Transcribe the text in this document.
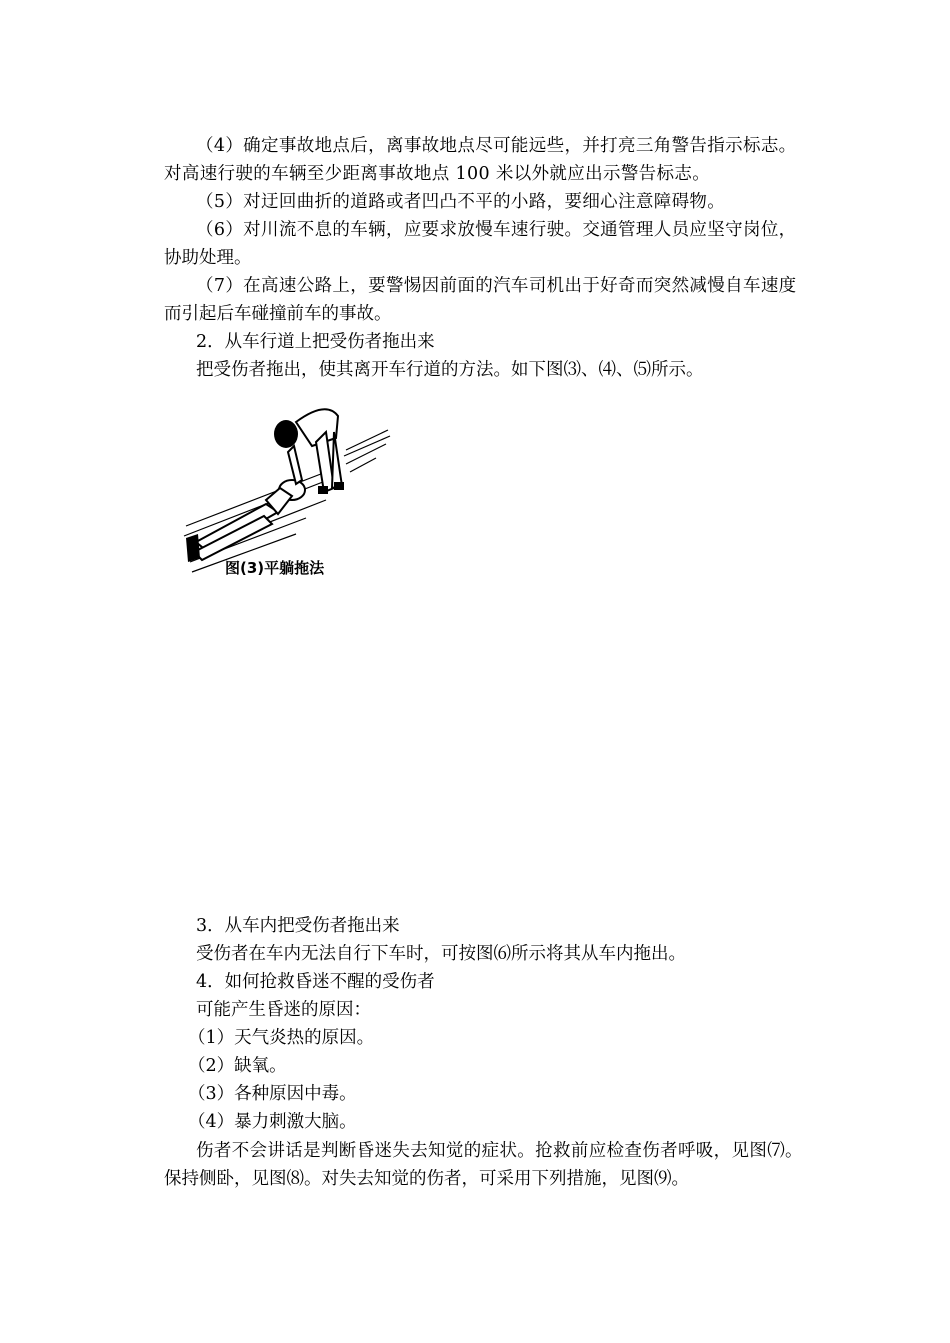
（4）确定事故地点后，离事故地点尽可能远些，并打亮三角警告指示标志。
对高速行驶的车辆至少距离事故地点 100 米以外就应出示警告标志。
（5）对迂回曲折的道路或者凹凸不平的小路，要细心注意障碍物。
（6）对川流不息的车辆，应要求放慢车速行驶。交通管理人员应坚守岗位，
协助处理。
（7）在高速公路上，要警惕因前面的汽车司机出于好奇而突然减慢自车速度
而引起后车碰撞前车的事故。
2．从车行道上把受伤者拖出来
把受伤者拖出，使其离开车行道的方法。如下图⑶、⑷、⑸所示。
图(3)平躺拖法
3．从车内把受伤者拖出来
受伤者在车内无法自行下车时，可按图⑹所示将其从车内拖出。
4．如何抢救昏迷不醒的受伤者
可能产生昏迷的原因：
（1）天气炎热的原因。
（2）缺氧。
（3）各种原因中毒。
（4）暴力刺激大脑。
伤者不会讲话是判断昏迷失去知觉的症状。抢救前应检查伤者呼吸，见图⑺。
保持侧卧，见图⑻。对失去知觉的伤者，可采用下列措施，见图⑼。
